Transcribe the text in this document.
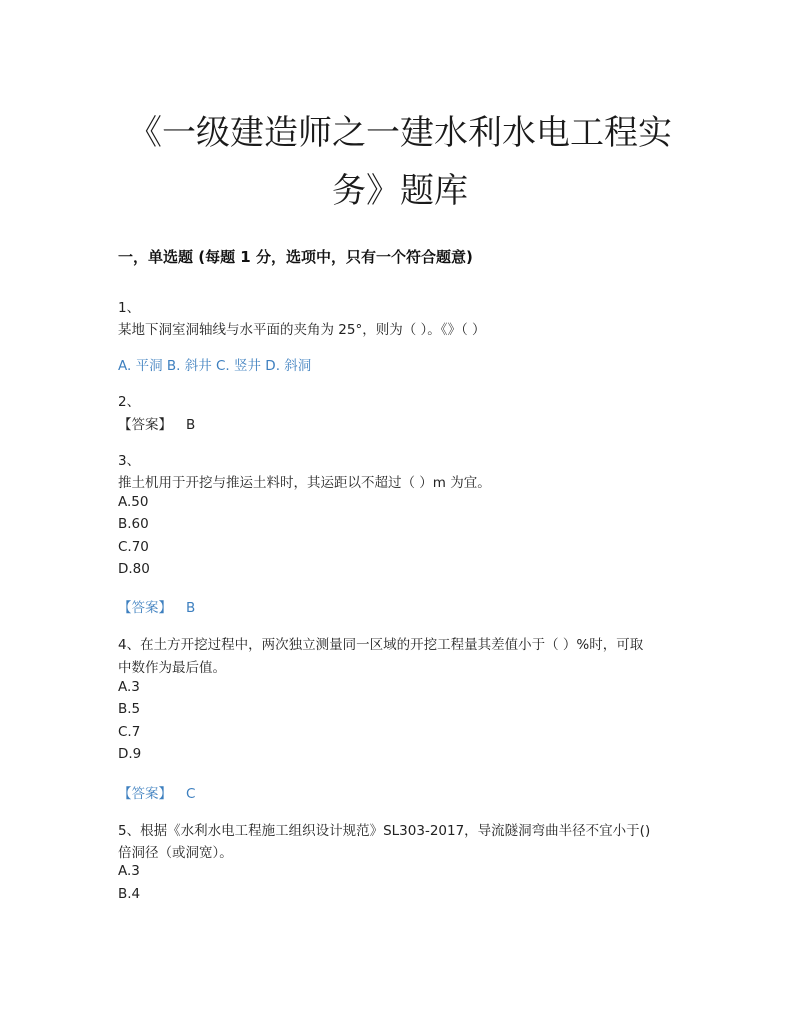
《一级建造师之一建水利水电工程实
务》题库
一，单选题 (每题 1 分，选项中，只有一个符合题意)
1、
某地下洞室洞轴线与水平面的夹角为 25°，则为（ ）。《》（ ）
A. 平洞 B. 斜井 C. 竖井 D. 斜洞
2、
【答案】 B
3、
推土机用于开挖与推运土料时，其运距以不超过（ ）m 为宜。
A.50
B.60
C.70
D.80
【答案】 B
4、在土方开挖过程中，两次独立测量同一区域的开挖工程量其差值小于（ ）%时，可取
中数作为最后值。
A.3
B.5
C.7
D.9
【答案】 C
5、根据《水利水电工程施工组织设计规范》SL303-2017，导流隧洞弯曲半径不宜小于()
倍洞径（或洞宽）。
A.3
B.4
